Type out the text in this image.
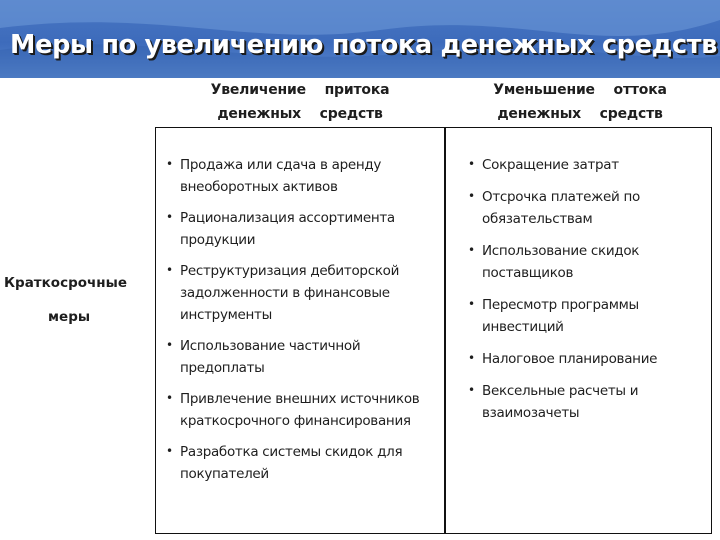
Меры по увеличению потока денежных средств
Увеличение притока
денежных средств
Уменьшение оттока
денежных средств
Краткосрочные
меры
• Продажа или сдача в аренду
внеоборотных активов
• Рационализация ассортимента
продукции
• Реструктуризация дебиторской
задолженности в финансовые
инструменты
• Использование частичной
предоплаты
• Привлечение внешних источников
краткосрочного финансирования
• Разработка системы скидок для
покупателей
• Сокращение затрат
• Отсрочка платежей по
обязательствам
• Использование скидок
поставщиков
• Пересмотр программы
инвестиций
• Налоговое планирование
• Вексельные расчеты и
взаимозачеты
